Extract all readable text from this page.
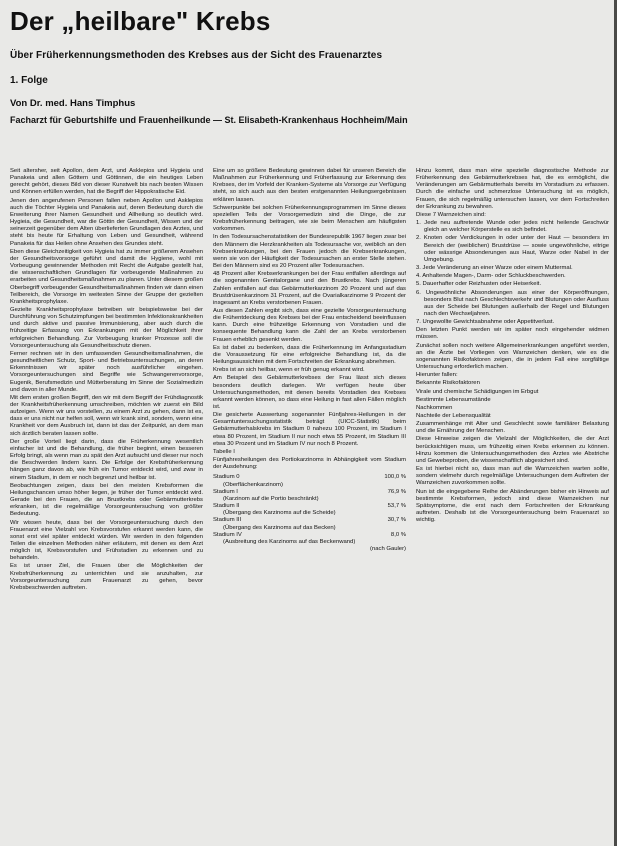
Der „heilbare" Krebs
Über Früherkennungsmethoden des Krebses aus der Sicht des Frauenarztes
1. Folge
Von Dr. med. Hans Timphus
Facharzt für Geburtshilfe und Frauenheilkunde — St. Elisabeth-Krankenhaus Hochheim/Main

Seit altersher, seit Apollon, dem Arzt, und Asklepios und Hygieia und Panakeia und allen Göttern und Göttinnen, die ein heutiges Leben gerecht gehört, dieses Bild von dieser Kunstwelt bis nach besten Wissen und Können erfüllen werden, hat die Begriff der Hippokratische Eid.

Jenen den angerufenen Personen fallen neben Apollon und Asklepios auch die Töchter Hygieia und Panakeia auf, deren Bedeutung durch die Erweiterung ihrer Namen Gesundheit und Allheilung so deutlich wird. Hygieia, die Gesundheit, war die Göttin der Gesundheit, Wissen und der seinerzeit gegenüber dem Alten überlieferten Grundlagen des Arztes, und steht bis heute für Erhaltung von Leben und Gesundheit, während Panakeia für das Heilen ohne Ansehen des Grundes steht.

Eben diese Gleichzeitigkeit von Hygieia hat zu immer größerem Ansehen der Gesundheitsvorsorge geführt und damit die Hygiene, wohl mit Vorbeugung gewinnender Methoden mit Recht die Aufgabe gestellt hat, die wissenschaftlichen Grundlagen für vorbeugende Maßnahmen zu erarbeiten und Gesundheitsmaßnahmen zu planen. Unter diesem großen Oberbegriff vorbeugender Gesundheitsmaßnahmen finden wir dann einen Teilbereich, die Vorsorge im weitesten Sinne der Gruppe der gezielten Krankheitsprophylaxe.

Gezielte Krankheitsprophylaxe betreiben wir beispielsweise bei der Durchführung von Schutzimpfungen bei bestimmten Infektionskrankheiten und durch aktive und passive Immunisierung, aber auch durch die frühzeitige Erfassung von Erkrankungen mit der Möglichkeit ihrer erfolgreichen Behandlung. Zur Vorbeugung kranker Prozesse soll die Vorsorgeuntersuchung als Gesundheitsschutz dienen.

Ferner rechnen wir in den umfassenden Gesundheitsmaßnahmen, die gesundheitlichen Schutz, Sport- und Betriebsuntersuchungen, an deren Erkenntnissen wir später noch ausführlicher eingehen. Vorsorgeuntersuchungen sind Begriffe wie Schwangerenvorsorge, Eugenik, Berufsmedizin und Mütterberatung im Sinne der Sozialmedizin und davon in aller Munde.

Mit dem ersten großen Begriff, den wir mit dem Begriff der Frühdiagnostik der Krankheitsfrüherkennung umschreiben, möchten wir zuerst ein Bild aufzeigen. Wenn wir uns vorstellen, zu einem Arzt zu gehen, dann ist es, dass er uns nicht nur helfen soll, wenn wir krank sind, sondern, wenn eine Krankheit vor dem Ausbruch ist, dann ist das der Zeitpunkt, an dem man sich ärztlich beraten lassen sollte.

Der große Vorteil liegt darin, dass die Früherkennung wesentlich einfacher ist und die Behandlung, die früher beginnt, einen besseren Erfolg bringt, als wenn man zu spät den Arzt aufsucht und dieser nur noch die Beschwerden lindern kann. Die Erfolge der Krebsfrüherkennung hängen ganz davon ab, wie früh ein Tumor entdeckt wird, und zwar in einem Stadium, in dem er noch begrenzt und heilbar ist.

Beobachtungen zeigen, dass bei den meisten Krebsformen die Heilungschancen umso höher liegen, je früher der Tumor entdeckt wird. Gerade bei den Frauen, die an Brustkrebs oder Gebärmutterkrebs erkranken, ist die regelmäßige Vorsorgeuntersuchung von größter Bedeutung.

Wir wissen heute, dass bei der Vorsorgeuntersuchung durch den Frauenarzt eine Vielzahl von Krebsvorstufen erkannt werden kann, die sonst erst viel später entdeckt würden. Wir werden in den folgenden Teilen die einzelnen Methoden näher erläutern, mit denen es dem Arzt möglich ist, Krebsvorstufen und Frühstadien zu erkennen und zu behandeln.

Es ist unser Ziel, die Frauen über die Möglichkeiten der Krebsfrüherkennung zu unterrichten und sie anzuhalten, zur Vorsorgeuntersuchung zum Frauenarzt zu gehen, bevor Krebsbeschwerden auftreten.

Eine um so größere Bedeutung gewinnen dabei für unseren Bereich die Maßnahmen zur Früherkennung und Früherfassung zur Erkennung des Krebses, der im Vorfeld der Kranken-Systeme als Vorsorge zur Verfügung steht, so sich auch aus den besten erstgenannten Heilungsergebnissen erklären lassen.

Schwerpunkte bei solchen Früherkennungsprogrammen im Sinne dieses speziellen Teils der Vorsorgemedizin sind die Dinge, die zur Krebsfrüherkennung beitragen, wie sie beim Menschen am häufigsten vorkommen.

In den Todesursachenstatistiken der Bundesrepublik 1967 liegen zwar bei den Männern die Herzkrankheiten als Todesursache vor, weiblich an den Krebserkrankungen, bei den Frauen jedoch die Krebserkrankungen, wenn sie von der Häufigkeit der Todesursachen an erster Stelle stehen. Bei den Männern sind es 20 Prozent aller Todesursachen.

48 Prozent aller Krebserkrankungen bei der Frau entfallen allerdings auf die sogenannten Genitalorgane und den Brustkrebs. Nach jüngeren Zahlen entfallen auf das Gebärmutterkarzinom 20 Prozent und auf das Brustdrüsenkarzinom 31 Prozent, auf die Ovarialkarzinome 9 Prozent der insgesamt an Krebs verstorbenen Frauen.

Aus diesen Zahlen ergibt sich, dass eine gezielte Vorsorgeuntersuchung die Frühentdeckung des Krebses bei der Frau entscheidend beeinflussen kann. Durch eine frühzeitige Erkennung von Vorstadien und die konsequente Behandlung kann die Zahl der an Krebs verstorbenen Frauen erheblich gesenkt werden.

Es ist dabei zu bedenken, dass die Früherkennung im Anfangsstadium die Voraussetzung für eine erfolgreiche Behandlung ist, da die Heilungsaussichten mit dem Fortschreiten der Erkrankung abnehmen.

Krebs ist an sich heilbar, wenn er früh genug erkannt wird.

Am Beispiel des Gebärmutterkrebses der Frau lässt sich dieses besonders deutlich darlegen. Wir verfügen heute über Untersuchungsmethoden, mit denen bereits Vorstadien des Krebses erkannt werden können, so dass eine Heilung in fast allen Fällen möglich ist.

Die gesicherte Auswertung sogenannter Fünfjahres-Heilungen in der Gesamtuntersuchungsstatistik beträgt (UICC-Statistik) beim Gebärmutterhalskrebs im Stadium 0 nahezu 100 Prozent, im Stadium I etwa 80 Prozent, im Stadium II nur noch etwa 55 Prozent, im Stadium III etwa 30 Prozent und im Stadium IV nur noch 8 Prozent.

Tabelle I

Fünfjahresheilungen des Portiokarzinoms in Abhängigkeit vom Stadium der Ausdehnung:

Stadium 0	100,0 %
(Oberflächenkarzinom)
Stadium I	76,9 %
(Karzinom auf die Portio beschränkt)
Stadium II	53,7 %
(Übergang des Karzinoms auf die Scheide)
Stadium III	30,7 %
(Übergang des Karzinoms auf das Becken)
Stadium IV	8,0 %
(Ausbreitung des Karzinoms auf das Beckenwand)
(nach Gauler)

Hinzu kommt, dass man eine spezielle diagnostische Methode zur Früherkennung des Gebärmutterkrebses hat, die es ermöglicht, die Veränderungen am Gebärmutterhals bereits im Vorstadium zu erfassen. Durch die einfache und schmerzlose Untersuchung ist es möglich, Frauen, die sich regelmäßig untersuchen lassen, vor dem Fortschreiten der Erkrankung zu bewahren.

Diese 7 Warnzeichen sind:

1. Jede neu auftretende Wunde oder jedes nicht heilende Geschwür gleich an welcher Körperstelle es sich befindet.

2. Knoten oder Verdickungen in oder unter der Haut — besonders im Bereich der (weiblichen) Brustdrüse — sowie ungewöhnliche, eitrige oder wässrige Absonderungen aus Haut, Warze oder Nabel in der Umgebung.

3. Jede Veränderung an einer Warze oder einem Muttermal.

4. Anhaltende Magen-, Darm- oder Schluckbeschwerden.

5. Dauerhafter oder Reizhusten oder Heiserkeit.

6. Ungewöhnliche Absonderungen aus einer der Körperöffnungen, besonders Blut nach Geschlechtsverkehr und Blutungen oder Ausfluss aus der Scheide bei Blutungen außerhalb der Regel und Blutungen nach den Wechseljahren.

7. Ungewollte Gewichtsabnahme oder Appetitverlust.

Den letzten Punkt werden wir im später noch eingehender widmen müssen.

Zunächst sollen noch weitere Allgemeinerkrankungen angeführt werden, an die Ärzte bei Vorliegen von Warnzeichen denken, wie es die sogenannten Risikofaktoren zeigen, die in jedem Fall eine sorgfältige Untersuchung erforderlich machen.

Hierunter fallen:

Bekannte Risikofaktoren

Virale und chemische Schädigungen im Erbgut

Bestimmte Lebensumstände

Nachkommen

Nachteile der Lebensqualität

Zusammenhänge mit Alter und Geschlecht sowie familiärer Belastung und die Ernährung der Menschen.

Diese Hinweise zeigen die Vielzahl der Möglichkeiten, die der Arzt berücksichtigen muss, um frühzeitig einen Krebs erkennen zu können. Hinzu kommen die Untersuchungsmethoden des Arztes wie Abstriche und Gewebeproben, die wissenschaftlich abgesichert sind.

Es ist hierbei nicht so, dass man auf die Warnzeichen warten sollte, sondern vielmehr durch regelmäßige Untersuchungen dem Auftreten der Warnzeichen zuvorkommen sollte.

Nun ist die eingegebene Reihe der Abänderungen bisher ein Hinweis auf bestimmte Krebsformen, jedoch sind diese Warnzeichen nur Spätsymptome, die erst nach dem Fortschreiten der Erkrankung auftreten. Deshalb ist die Vorsorgeuntersuchung beim Frauenarzt so wichtig.
